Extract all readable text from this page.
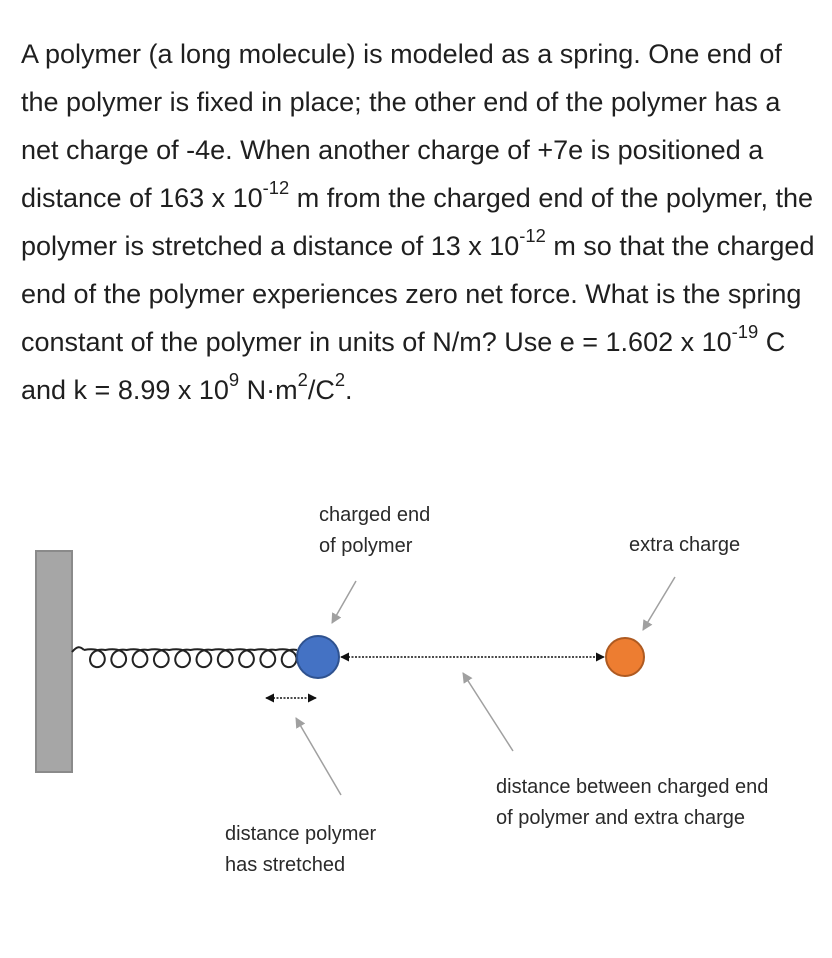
A polymer (a long molecule) is modeled as a spring. One end of the polymer is fixed in place; the other end of the polymer has a net charge of -4e. When another charge of +7e is positioned a distance of 163 x $10^{-12}$ m from the charged end of the polymer, the polymer is stretched a distance of 13 x $10^{-12}$ m so that the charged end of the polymer experiences zero net force. What is the spring constant of the polymer in units of N/m? Use e = 1.602 x $10^{-19}$ C and k = 8.99 x $10^9$ $N\cdot m^2/C^2$.

charged end
of polymer	extra charge
distance polymer
has stretched
distance between charged end
of polymer and extra charge
